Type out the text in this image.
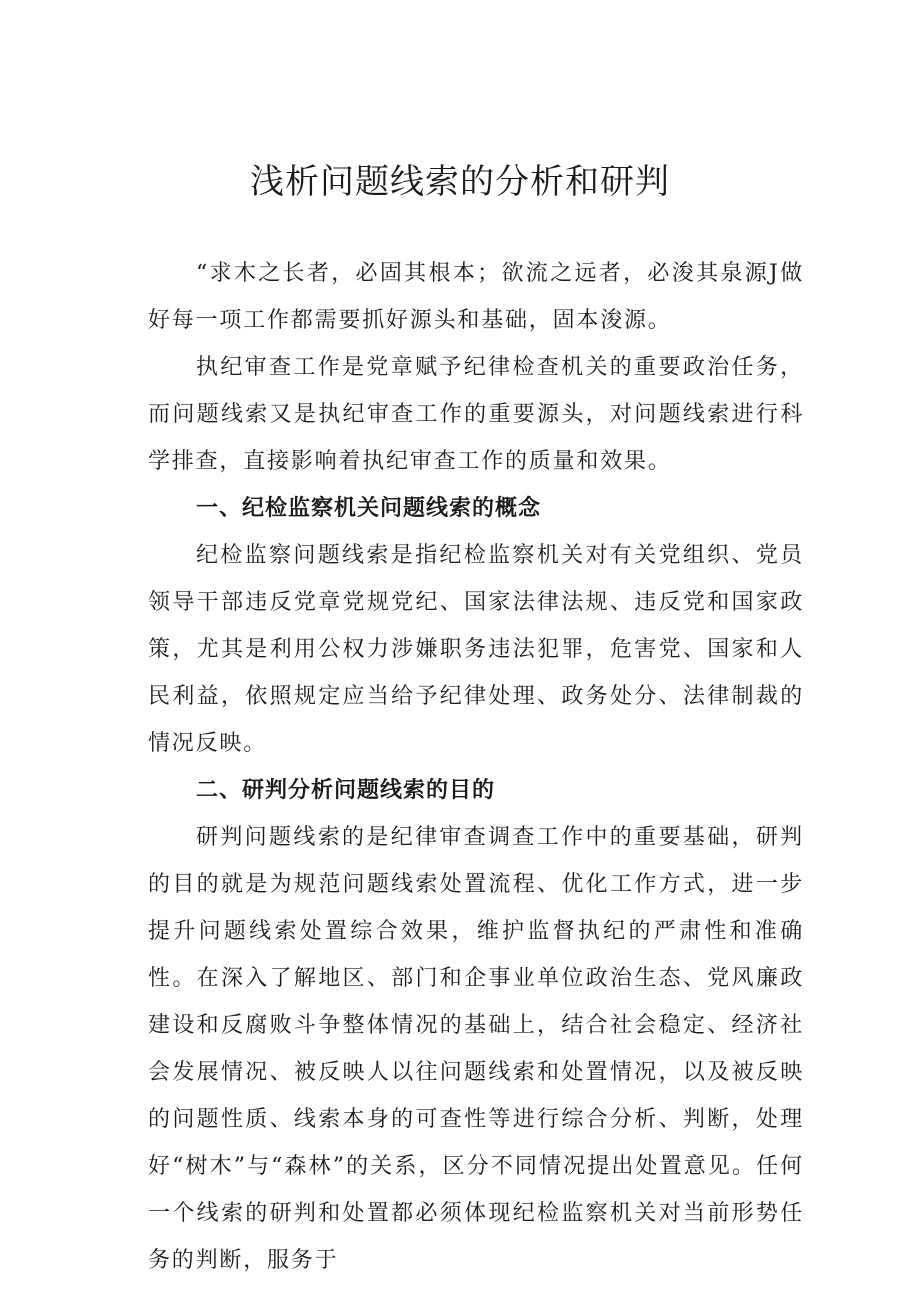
浅析问题线索的分析和研判

“求木之长者，必固其根本；欲流之远者，必浚其泉源J做好每一项工作都需要抓好源头和基础，固本浚源。

执纪审查工作是党章赋予纪律检查机关的重要政治任务，而问题线索又是执纪审查工作的重要源头，对问题线索进行科学排查，直接影响着执纪审查工作的质量和效果。

一、纪检监察机关问题线索的概念

纪检监察问题线索是指纪检监察机关对有关党组织、党员领导干部违反党章党规党纪、国家法律法规、违反党和国家政策，尤其是利用公权力涉嫌职务违法犯罪，危害党、国家和人民利益，依照规定应当给予纪律处理、政务处分、法律制裁的情况反映。

二、研判分析问题线索的目的

研判问题线索的是纪律审查调查工作中的重要基础，研判的目的就是为规范问题线索处置流程、优化工作方式，进一步提升问题线索处置综合效果，维护监督执纪的严肃性和准确性。在深入了解地区、部门和企事业单位政治生态、党风廉政建设和反腐败斗争整体情况的基础上，结合社会稳定、经济社会发展情况、被反映人以往问题线索和处置情况，以及被反映的问题性质、线索本身的可查性等进行综合分析、判断，处理好“树木”与“森林”的关系，区分不同情况提出处置意见。任何一个线索的研判和处置都必须体现纪检监察机关对当前形势任务的判断，服务于
